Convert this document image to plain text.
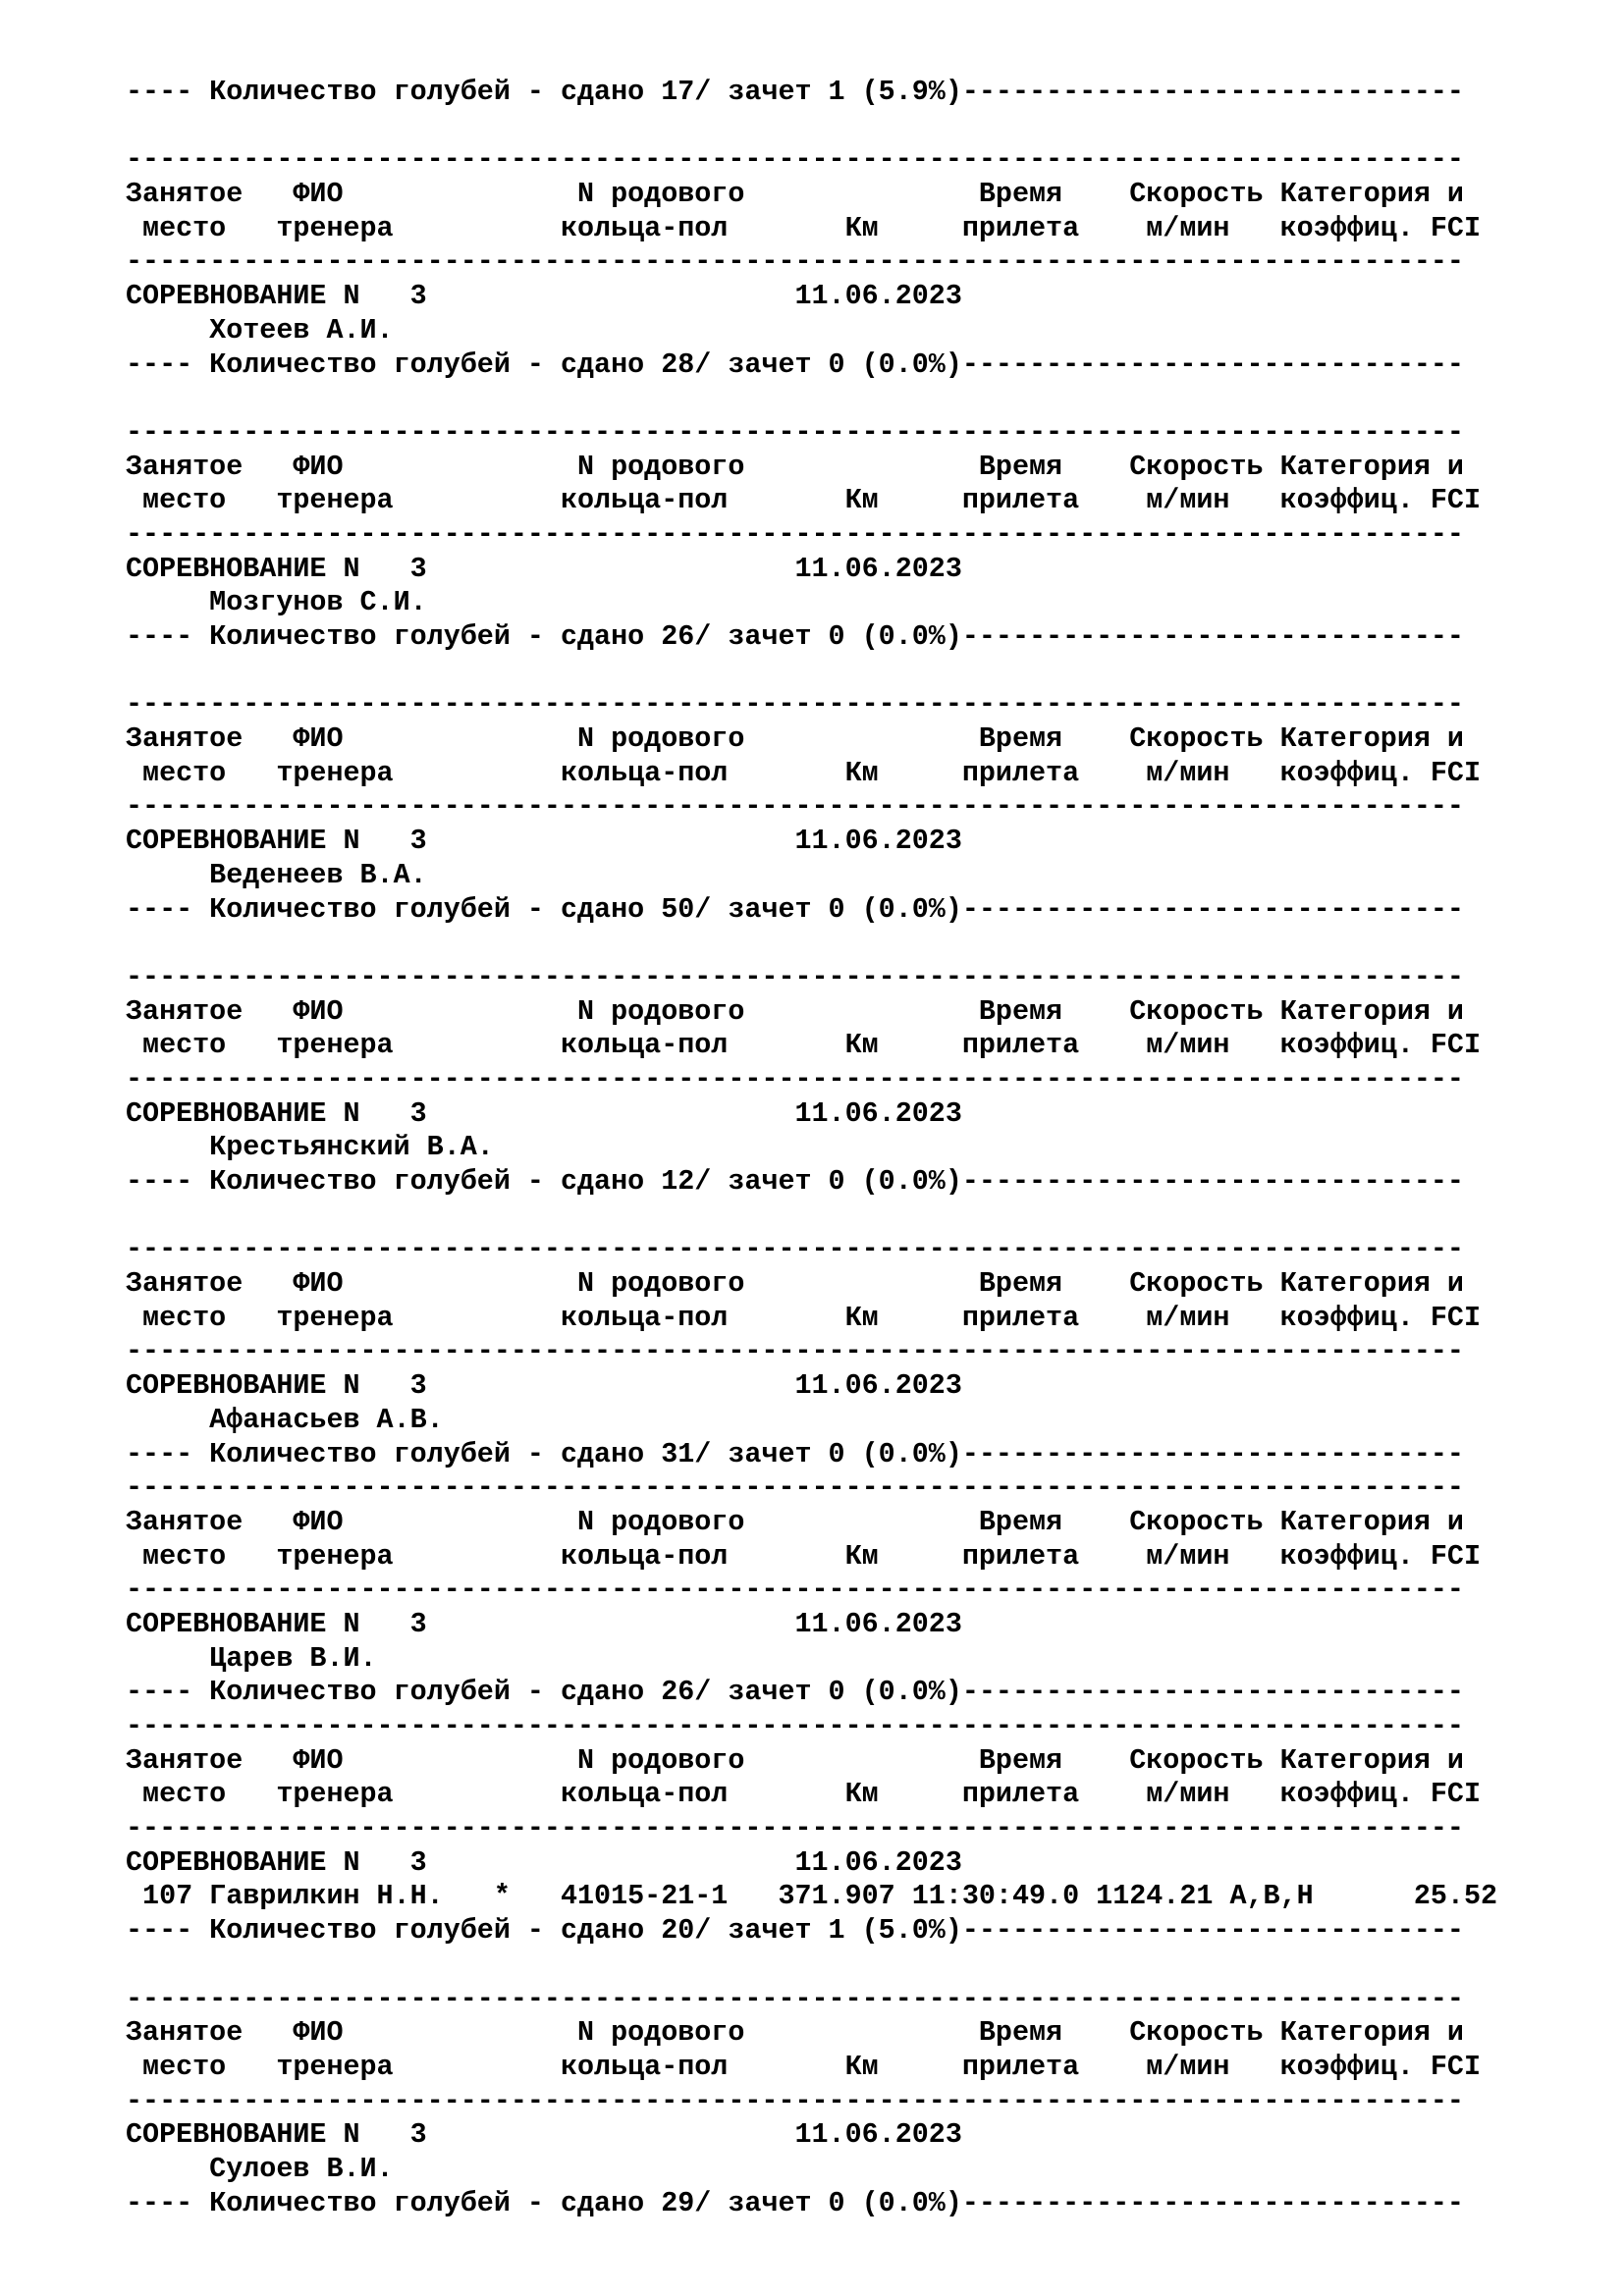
---- Количество голубей - сдано 17/ зачет 1 (5.9%)------------------------------
--------------------------------------------------------------------------------
Занятое   ФИО              N родового              Время    Скорость Категория и
место   тренера          кольца-пол       Км     прилета    м/мин   коэффиц. FCI
--------------------------------------------------------------------------------
СОРЕВНОВАНИЕ N   3                      11.06.2023
Хотеев А.И.
---- Количество голубей - сдано 28/ зачет 0 (0.0%)------------------------------
--------------------------------------------------------------------------------
Занятое   ФИО              N родового              Время    Скорость Категория и
место   тренера          кольца-пол       Км     прилета    м/мин   коэффиц. FCI
--------------------------------------------------------------------------------
СОРЕВНОВАНИЕ N   3                      11.06.2023
Мозгунов С.И.
---- Количество голубей - сдано 26/ зачет 0 (0.0%)------------------------------
--------------------------------------------------------------------------------
Занятое   ФИО              N родового              Время    Скорость Категория и
место   тренера          кольца-пол       Км     прилета    м/мин   коэффиц. FCI
--------------------------------------------------------------------------------
СОРЕВНОВАНИЕ N   3                      11.06.2023
Веденеев В.А.
---- Количество голубей - сдано 50/ зачет 0 (0.0%)------------------------------
--------------------------------------------------------------------------------
Занятое   ФИО              N родового              Время    Скорость Категория и
место   тренера          кольца-пол       Км     прилета    м/мин   коэффиц. FCI
--------------------------------------------------------------------------------
СОРЕВНОВАНИЕ N   3                      11.06.2023
Крестьянский В.А.
---- Количество голубей - сдано 12/ зачет 0 (0.0%)------------------------------
--------------------------------------------------------------------------------
Занятое   ФИО              N родового              Время    Скорость Категория и
место   тренера          кольца-пол       Км     прилета    м/мин   коэффиц. FCI
--------------------------------------------------------------------------------
СОРЕВНОВАНИЕ N   3                      11.06.2023
Афанасьев А.В.
---- Количество голубей - сдано 31/ зачет 0 (0.0%)------------------------------
--------------------------------------------------------------------------------
Занятое   ФИО              N родового              Время    Скорость Категория и
место   тренера          кольца-пол       Км     прилета    м/мин   коэффиц. FCI
--------------------------------------------------------------------------------
СОРЕВНОВАНИЕ N   3                      11.06.2023
Царев В.И.
---- Количество голубей - сдано 26/ зачет 0 (0.0%)------------------------------
--------------------------------------------------------------------------------
Занятое   ФИО              N родового              Время    Скорость Категория и
место   тренера          кольца-пол       Км     прилета    м/мин   коэффиц. FCI
--------------------------------------------------------------------------------
СОРЕВНОВАНИЕ N   3                      11.06.2023
107 Гаврилкин Н.Н.   *   41015-21-1   371.907 11:30:49.0 1124.21 A,B,H      25.52
---- Количество голубей - сдано 20/ зачет 1 (5.0%)------------------------------
--------------------------------------------------------------------------------
Занятое   ФИО              N родового              Время    Скорость Категория и
место   тренера          кольца-пол       Км     прилета    м/мин   коэффиц. FCI
--------------------------------------------------------------------------------
СОРЕВНОВАНИЕ N   3                      11.06.2023
Сулоев В.И.
---- Количество голубей - сдано 29/ зачет 0 (0.0%)------------------------------
